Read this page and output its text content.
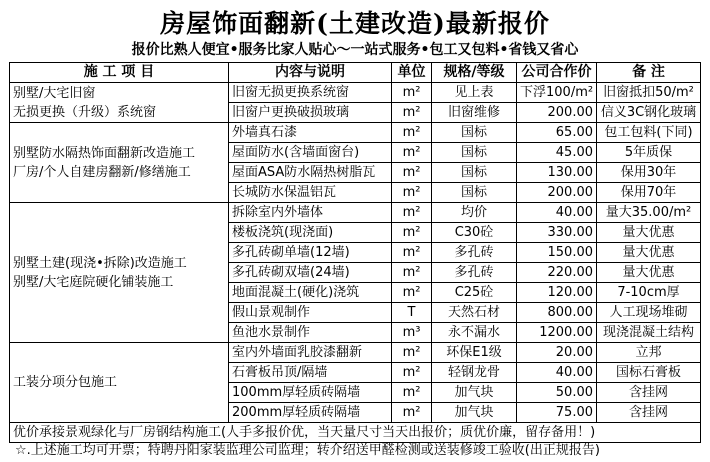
房屋饰面翻新(土建改造)最新报价
报价比熟人便宜•服务比家人贴心～一站式服务•包工又包料•省钱又省心
施 工 项 目	内容与说明	单位	规格/等级	公司合作价	备 注

别墅/大宅旧窗
无损更换（升级）系统窗	旧窗无损更换系统窗	m²	见上表	下浮100/m²	旧窗抵扣50/m²
	旧窗户更换破损玻璃	m²	旧窗维修	200.00	信义3C钢化玻璃

别墅防水隔热饰面翻新改造施工
厂房/个人自建房翻新/修缮施工	外墙真石漆	m²	国标	65.00	包工包料(下同)
	屋面防水(含墙面窗台)	m²	国标	45.00	5年质保
	屋面ASA防水隔热树脂瓦	m²	国标	130.00	保用30年
	长城防水保温铝瓦	m²	国标	200.00	保用70年

别墅土建(现浇•拆除)改造施工
别墅/大宅庭院硬化铺装施工	拆除室内外墙体	m²	均价	40.00	量大35.00/m²
	楼板浇筑(现浇面)	m²	C30砼	330.00	量大优惠
	多孔砖砌单墙(12墙)	m²	多孔砖	150.00	量大优惠
	多孔砖砌双墙(24墙)	m²	多孔砖	220.00	量大优惠
	地面混凝土(硬化)浇筑	m²	C25砼	120.00	7-10cm厚
	假山景观制作	T	天然石材	800.00	人工现场堆砌
	鱼池水景制作	m³	永不漏水	1200.00	现浇混凝土结构

工装分项分包施工	室内外墙面乳胶漆翻新	m²	环保E1级	20.00	立邦
	石膏板吊顶/隔墙	m²	轻钢龙骨	40.00	国标石膏板
	100mm厚轻质砖隔墙	m²	加气块	50.00	含挂网
	200mm厚轻质砖隔墙	m²	加气块	75.00	含挂网
优价承接景观绿化与厂房钢结构施工(人手多报价优，当天量尺寸当天出报价；质优价廉，留存备用！)					
☆.上述施工均可开票；特聘丹阳家装监理公司监理；转介绍送甲醛检测或送装修竣工验收(出正规报告)
